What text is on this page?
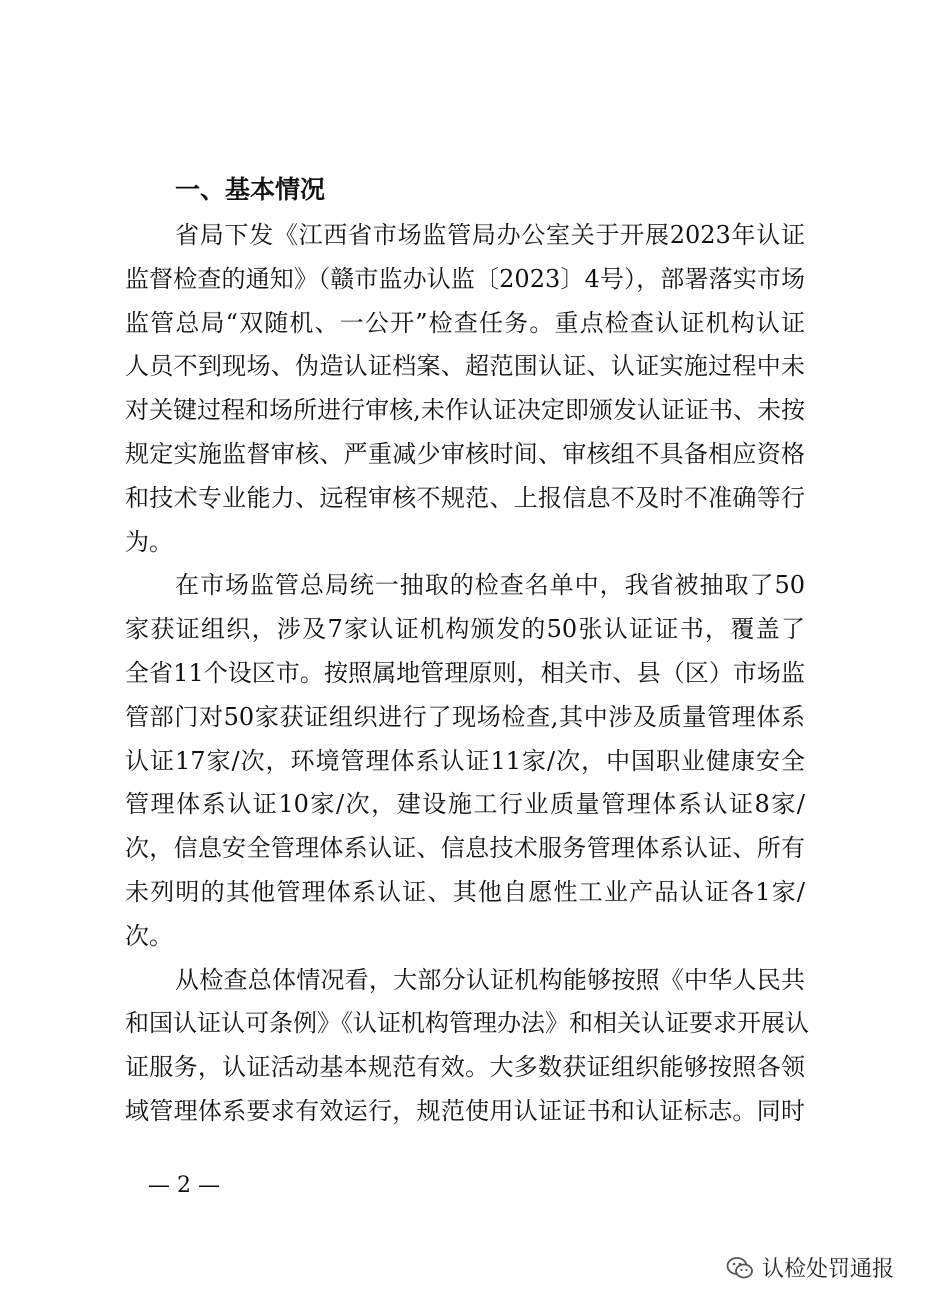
一、基本情况
省局下发《江西省市场监管局办公室关于开展2023年认证
监督检查的通知》（赣市监办认监〔2023〕4号），部署落实市场
监管总局“双随机、一公开”检查任务。重点检查认证机构认证
人员不到现场、伪造认证档案、超范围认证、认证实施过程中未
对关键过程和场所进行审核,未作认证决定即颁发认证证书、未按
规定实施监督审核、严重减少审核时间、审核组不具备相应资格
和技术专业能力、远程审核不规范、上报信息不及时不准确等行
为。
在市场监管总局统一抽取的检查名单中，我省被抽取了50
家获证组织，涉及7家认证机构颁发的50张认证证书，覆盖了
全省11个设区市。按照属地管理原则，相关市、县（区）市场监
管部门对50家获证组织进行了现场检查,其中涉及质量管理体系
认证17家/次，环境管理体系认证11家/次，中国职业健康安全
管理体系认证10家/次，建设施工行业质量管理体系认证8家/
次，信息安全管理体系认证、信息技术服务管理体系认证、所有
未列明的其他管理体系认证、其他自愿性工业产品认证各1家/
次。
从检查总体情况看，大部分认证机构能够按照《中华人民共
和国认证认可条例》《认证机构管理办法》和相关认证要求开展认
证服务，认证活动基本规范有效。大多数获证组织能够按照各领
域管理体系要求有效运行，规范使用认证证书和认证标志。同时
— 2 —
认检处罚通报
